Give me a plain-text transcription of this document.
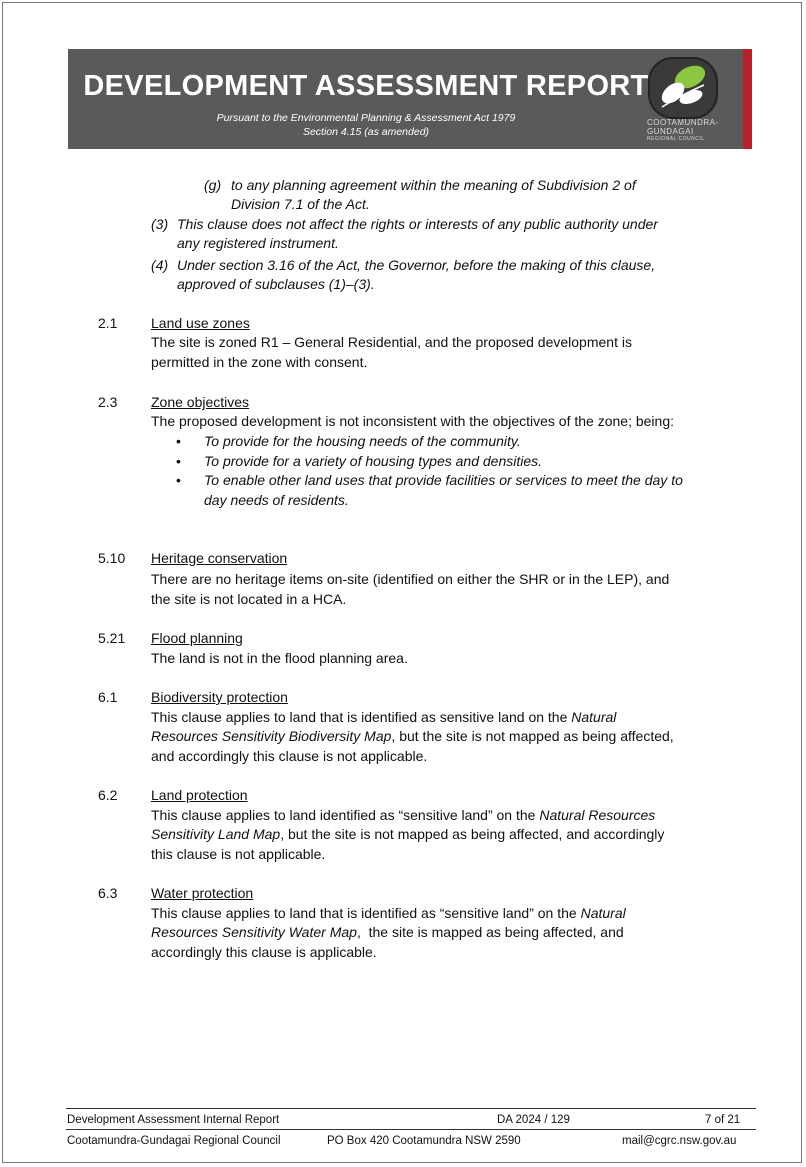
DEVELOPMENT ASSESSMENT REPORT
Pursuant to the Environmental Planning & Assessment Act 1979
Section 4.15 (as amended)
COOTAMUNDRA-
GUNDAGAI
REGIONAL COUNCIL
(g) to any planning agreement within the meaning of Subdivision 2 of
Division 7.1 of the Act.
(3) This clause does not affect the rights or interests of any public authority under
any registered instrument.
(4) Under section 3.16 of the Act, the Governor, before the making of this clause,
approved of subclauses (1)–(3).
2.1 Land use zones
The site is zoned R1 – General Residential, and the proposed development is
permitted in the zone with consent.
2.3 Zone objectives
The proposed development is not inconsistent with the objectives of the zone; being:
• To provide for the housing needs of the community.
• To provide for a variety of housing types and densities.
• To enable other land uses that provide facilities or services to meet the day to
day needs of residents.
5.10 Heritage conservation
There are no heritage items on-site (identified on either the SHR or in the LEP), and
the site is not located in a HCA.
5.21 Flood planning
The land is not in the flood planning area.
6.1 Biodiversity protection
This clause applies to land that is identified as sensitive land on the Natural
Resources Sensitivity Biodiversity Map, but the site is not mapped as being affected,
and accordingly this clause is not applicable.
6.2 Land protection
This clause applies to land identified as “sensitive land” on the Natural Resources
Sensitivity Land Map, but the site is not mapped as being affected, and accordingly
this clause is not applicable.
6.3 Water protection
This clause applies to land that is identified as “sensitive land” on the Natural
Resources Sensitivity Water Map,  the site is mapped as being affected, and
accordingly this clause is applicable.
Development Assessment Internal Report	DA 2024 / 129	7 of 21
Cootamundra-Gundagai Regional Council	PO Box 420 Cootamundra NSW 2590	mail@cgrc.nsw.gov.au
